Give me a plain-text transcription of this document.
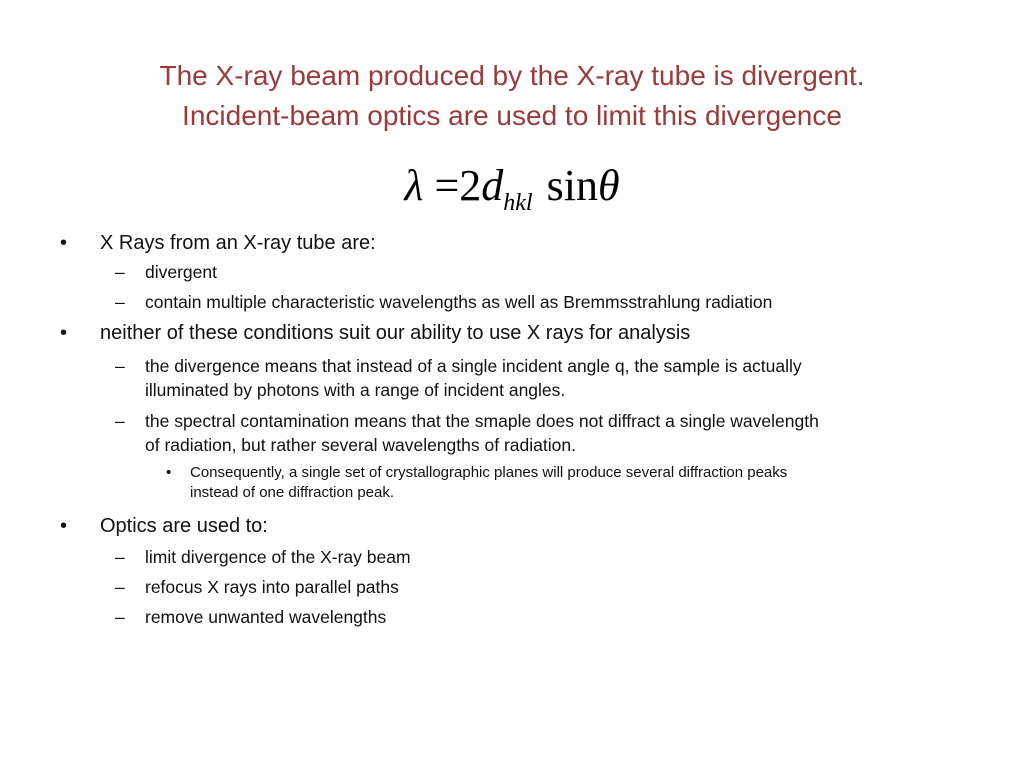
The X-ray beam produced by the X-ray tube is divergent.
Incident-beam optics are used to limit this divergence
$\lambda =2d_{hkl}$ sinθ
• X Rays from an X-ray tube are:
– divergent
– contain multiple characteristic wavelengths as well as Bremmsstrahlung radiation
• neither of these conditions suit our ability to use X rays for analysis
– the divergence means that instead of a single incident angle q, the sample is actually
illuminated by photons with a range of incident angles.
– the spectral contamination means that the smaple does not diffract a single wavelength
of radiation, but rather several wavelengths of radiation.
• Consequently, a single set of crystallographic planes will produce several diffraction peaks
instead of one diffraction peak.
• Optics are used to:
– limit divergence of the X-ray beam
– refocus X rays into parallel paths
– remove unwanted wavelengths
